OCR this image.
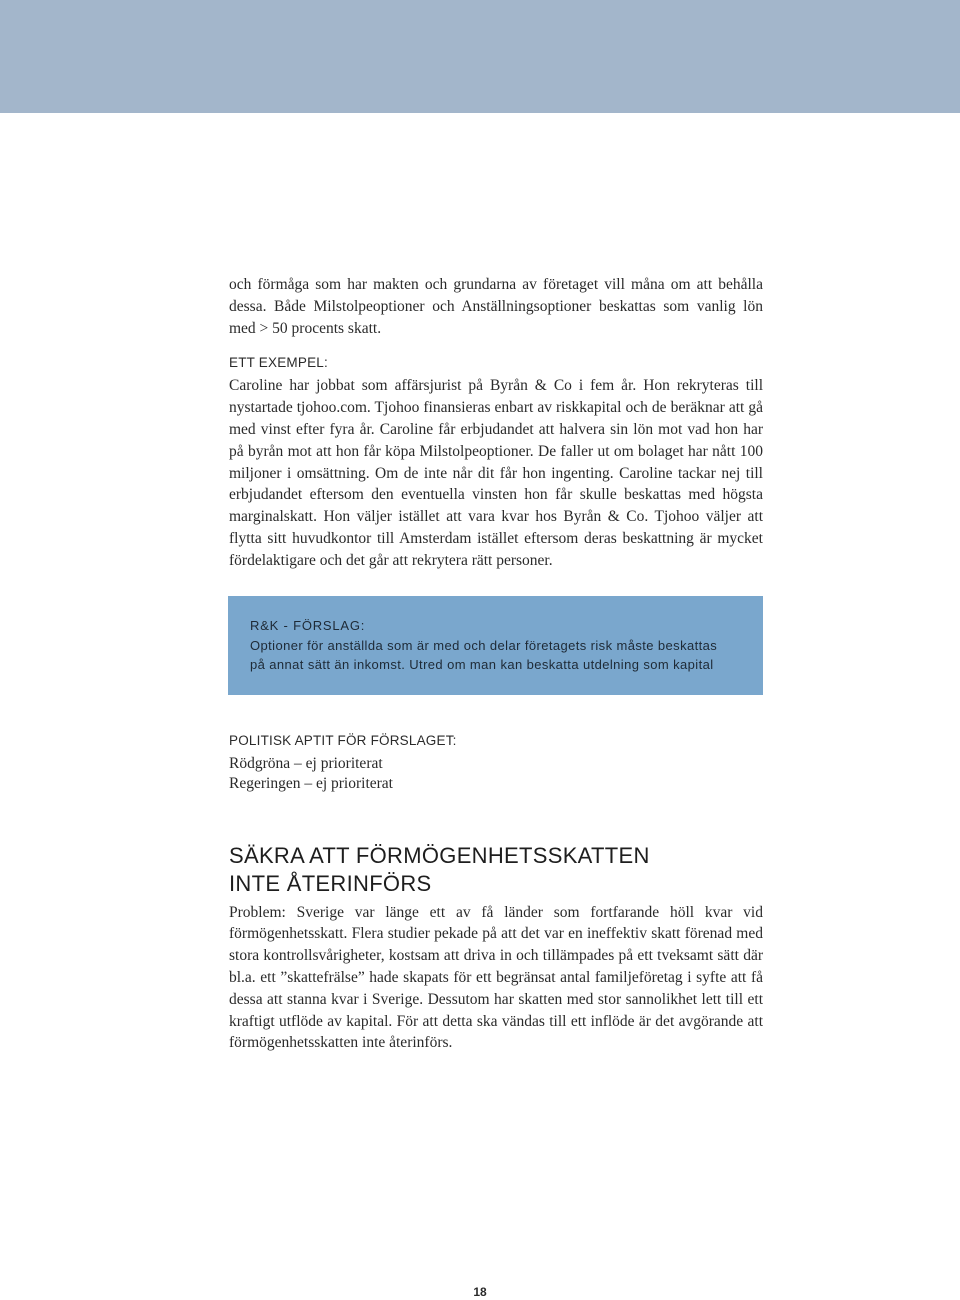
och förmåga som har makten och grundarna av företaget vill måna om att behålla dessa. Både Milstolpeoptioner och Anställningsoptioner beskattas som vanlig lön med > 50 procents skatt.

ETT EXEMPEL:

Caroline har jobbat som affärsjurist på Byrån & Co i fem år. Hon rekryteras till nystartade tjohoo.com. Tjohoo finansieras enbart av riskkapital och de beräknar att gå med vinst efter fyra år. Caroline får erbjudandet att halvera sin lön mot vad hon har på byrån mot att hon får köpa Milstolpeoptioner. De faller ut om bolaget har nått 100 miljoner i omsättning. Om de inte når dit får hon ingenting. Caroline tackar nej till erbjudandet eftersom den eventuella vinsten hon får skulle beskattas med högsta marginalskatt. Hon väljer istället att vara kvar hos Byrån & Co. Tjohoo väljer att flytta sitt huvudkontor till Amsterdam istället eftersom deras beskattning är mycket fördelaktigare och det går att rekrytera rätt personer.

R&K - FÖRSLAG:
Optioner för anställda som är med och delar företagets risk måste beskattas
på annat sätt än inkomst. Utred om man kan beskatta utdelning som kapital
POLITISK APTIT FÖR FÖRSLAGET:
Rödgröna – ej prioriterat
Regeringen – ej prioriterat
SÄKRA ATT FÖRMÖGENHETSSKATTEN
INTE ÅTERINFÖRS

Problem: Sverige var länge ett av få länder som fortfarande höll kvar vid förmögenhetsskatt. Flera studier pekade på att det var en ineffektiv skatt förenad med stora kontrollsvårigheter, kostsam att driva in och tillämpades på ett tveksamt sätt där bl.a. ett ”skattefrälse” hade skapats för ett begränsat antal familjeföretag i syfte att få dessa att stanna kvar i Sverige. Dessutom har skatten med stor sannolikhet lett till ett kraftigt utflöde av kapital. För att detta ska vändas till ett inflöde är det avgörande att förmögenhetsskatten inte återinförs.

18
